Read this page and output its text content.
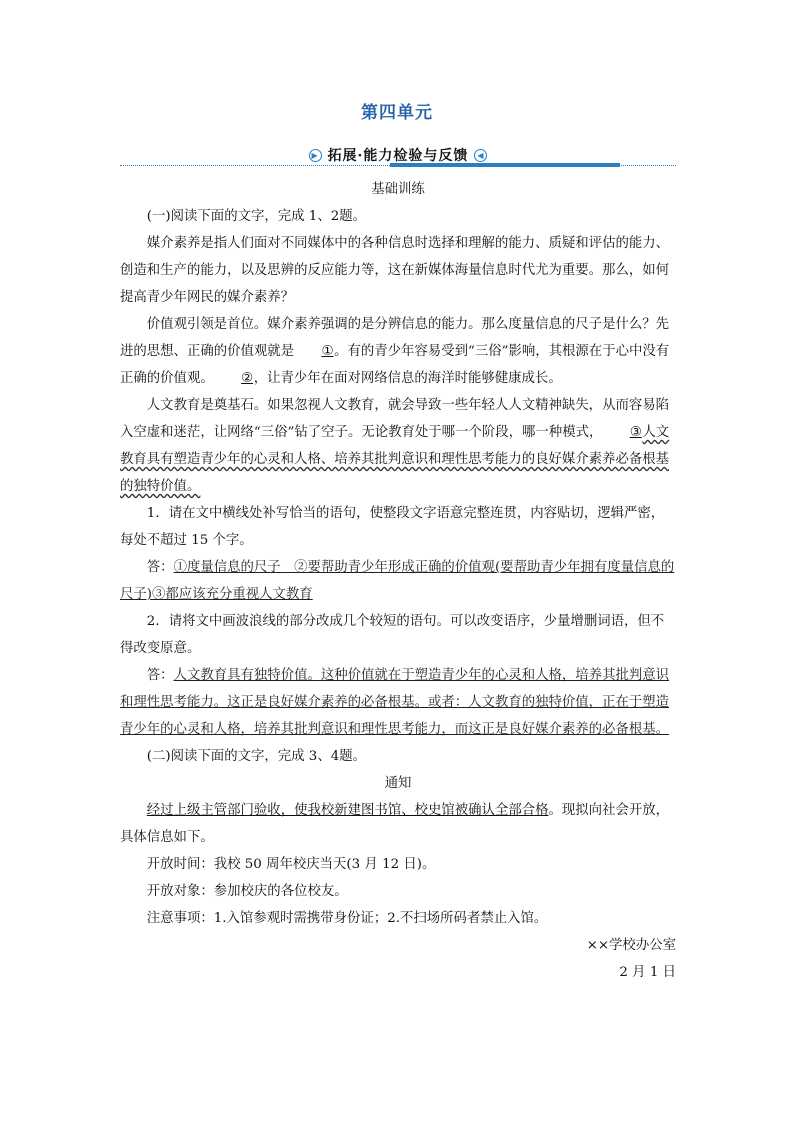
第四单元
▶ 拓展·能力检验与反馈 ◀
基础训练

(一)阅读下面的文字，完成 1、2题。

媒介素养是指人们面对不同媒体中的各种信息时选择和理解的能力、质疑和评估的能力、创造和生产的能力，以及思辨的反应能力等，这在新媒体海量信息时代尤为重要。那么，如何提高青少年网民的媒介素养？

价值观引领是首位。媒介素养强调的是分辨信息的能力。那么度量信息的尺子是什么？先进的思想、正确的价值观就是 ①。有的青少年容易受到“三俗”影响，其根源在于心中没有正确的价值观。 ②，让青少年在面对网络信息的海洋时能够健康成长。

人文教育是奠基石。如果忽视人文教育，就会导致一些年轻人人文精神缺失，从而容易陷入空虚和迷茫，让网络“三俗”钻了空子。无论教育处于哪一个阶段，哪一种模式， ③人文教育具有塑造青少年的心灵和人格、培养其批判意识和理性思考能力的良好媒介素养必备根基的独特价值。

1．请在文中横线处补写恰当的语句，使整段文字语意完整连贯，内容贴切，逻辑严密，每处不超过 15 个字。

答：①度量信息的尺子　②要帮助青少年形成正确的价值观(要帮助青少年拥有度量信息的尺子)③都应该充分重视人文教育

2．请将文中画波浪线的部分改成几个较短的语句。可以改变语序，少量增删词语，但不得改变原意。

答：人文教育具有独特价值。这种价值就在于塑造青少年的心灵和人格，培养其批判意识和理性思考能力。这正是良好媒介素养的必备根基。或者：人文教育的独特价值，正在于塑造青少年的心灵和人格，培养其批判意识和理性思考能力，而这正是良好媒介素养的必备根基。

(二)阅读下面的文字，完成 3、4题。

通知

经过上级主管部门验收，使我校新建图书馆、校史馆被确认全部合格。现拟向社会开放，具体信息如下。

开放时间：我校 50 周年校庆当天(3 月 12 日)。

开放对象：参加校庆的各位校友。

注意事项：1.入馆参观时需携带身份证；2.不扫场所码者禁止入馆。

××学校办公室

2 月 1 日
